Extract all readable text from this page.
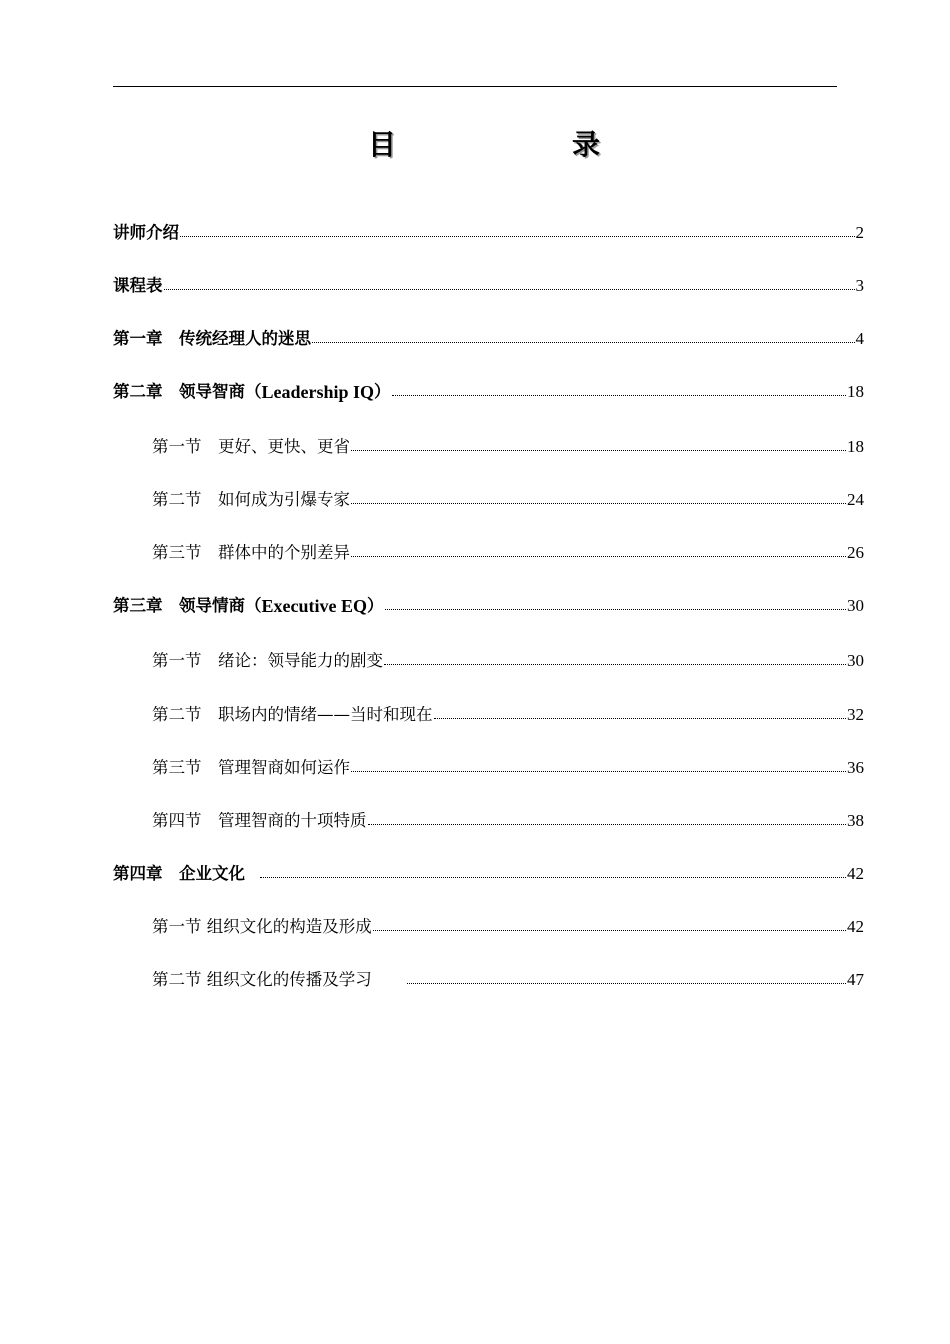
目	录
讲师介绍	2
课程表	3
第一章　传统经理人的迷思	4
第二章　领导智商（ Leadership IQ ）	18
第一节　更好、更快、更省	18
第二节　如何成为引爆专家	24
第三节　群体中的个别差异	26
第三章　领导情商（ Executive EQ ）	30
第一节　绪论：领导能力的剧变	30
第二节　职场内的情绪——当时和现在	32
第三节　管理智商如何运作	36
第四节　管理智商的十项特质	38
第四章　企业文化	42
第一节 组织文化的构造及形成	42
第二节 组织文化的传播及学习	47
